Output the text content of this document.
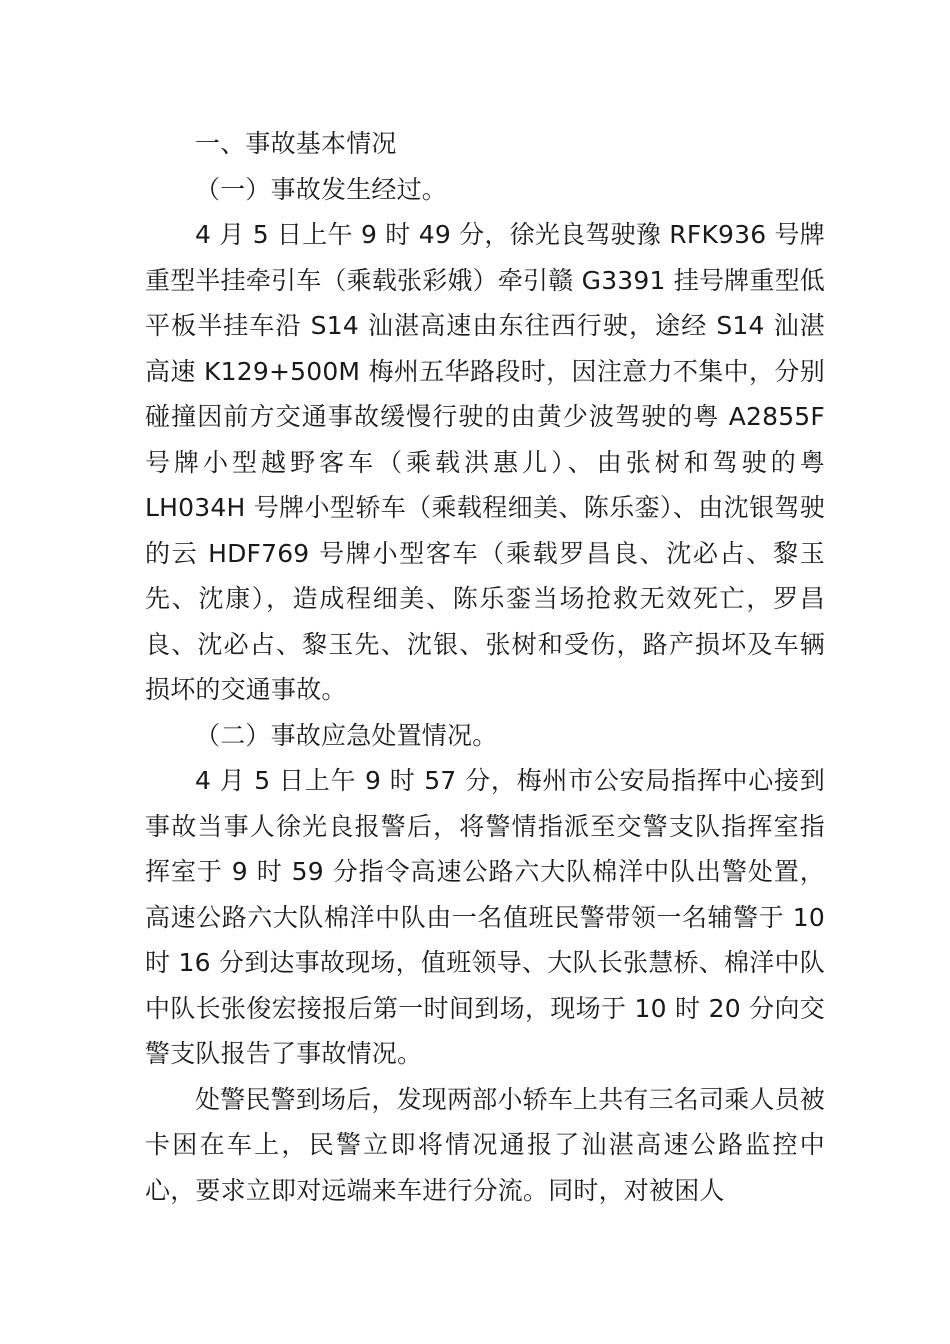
一、事故基本情况

（一）事故发生经过。

4 月 5 日上午 9 时 49 分，徐光良驾驶豫 RFK936 号牌重型半挂牵引车（乘载张彩娥）牵引赣 G3391 挂号牌重型低平板半挂车沿 S14 汕湛高速由东往西行驶，途经 S14 汕湛高速 K129+500M 梅州五华路段时，因注意力不集中，分别碰撞因前方交通事故缓慢行驶的由黄少波驾驶的粤 A2855F 号牌小型越野客车（乘载洪惠儿）、由张树和驾驶的粤 LH034H 号牌小型轿车（乘载程细美、陈乐銮）、由沈银驾驶的云 HDF769 号牌小型客车（乘载罗昌良、沈必占、黎玉先、沈康），造成程细美、陈乐銮当场抢救无效死亡，罗昌良、沈必占、黎玉先、沈银、张树和受伤，路产损坏及车辆损坏的交通事故。

（二）事故应急处置情况。

4 月 5 日上午 9 时 57 分，梅州市公安局指挥中心接到事故当事人徐光良报警后，将警情指派至交警支队指挥室指挥室于 9 时 59 分指令高速公路六大队棉洋中队出警处置，高速公路六大队棉洋中队由一名值班民警带领一名辅警于 10 时 16 分到达事故现场，值班领导、大队长张慧桥、棉洋中队中队长张俊宏接报后第一时间到场，现场于 10 时 20 分向交警支队报告了事故情况。

处警民警到场后，发现两部小轿车上共有三名司乘人员被卡困在车上，民警立即将情况通报了汕湛高速公路监控中心，要求立即对远端来车进行分流。同时，对被困人
